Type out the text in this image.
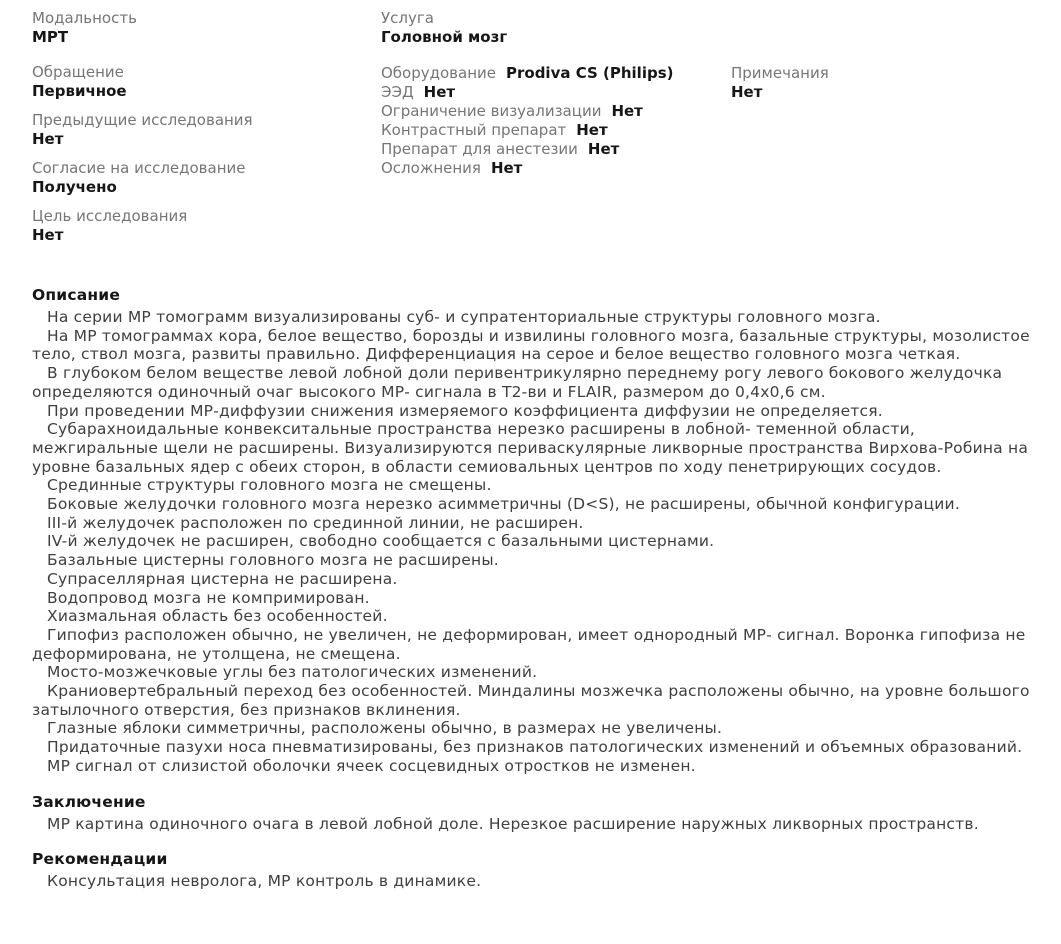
Модальность
МРТ
Обращение
Первичное
Предыдущие исследования
Нет
Согласие на исследование
Получено
Цель исследования
Нет
Услуга
Головной мозг
Оборудование Prodiva CS (Philips)
ЭЭД Нет
Ограничение визуализации Нет
Контрастный препарат Нет
Препарат для анестезии Нет
Осложнения Нет
Примечания
Нет
Описание

На серии МР томограмм визуализированы суб- и супратенториальные структуры головного мозга.

На МР томограммах кора, белое вещество, борозды и извилины головного мозга, базальные структуры, мозолистое тело, ствол мозга, развиты правильно. Дифференциация на серое и белое вещество головного мозга четкая.

В глубоком белом веществе левой лобной доли перивентрикулярно переднему рогу левого бокового желудочка определяются одиночный очаг высокого МР- сигнала в Т2-ви и FLAIR, размером до 0,4х0,6 см.

При проведении МР-диффузии снижения измеряемого коэффициента диффузии не определяется.

Субарахноидальные конвекситальные пространства нерезко расширены в лобной- теменной области, межгиральные щели не расширены. Визуализируются периваскулярные ликворные пространства Вирхова-Робина на уровне базальных ядер с обеих сторон, в области семиовальных центров по ходу пенетрирующих сосудов.

Срединные структуры головного мозга не смещены.

Боковые желудочки головного мозга нерезко асимметричны (D<S), не расширены, обычной конфигурации.

III-й желудочек расположен по срединной линии, не расширен.

IV-й желудочек не расширен, свободно сообщается с базальными цистернами.

Базальные цистерны головного мозга не расширены.

Супраселлярная цистерна не расширена.

Водопровод мозга не компримирован.

Хиазмальная область без особенностей.

Гипофиз расположен обычно, не увеличен, не деформирован, имеет однородный МР- сигнал. Воронка гипофиза не деформирована, не утолщена, не смещена.

Мосто-мозжечковые углы без патологических изменений.

Краниовертебральный переход без особенностей. Миндалины мозжечка расположены обычно, на уровне большого затылочного отверстия, без признаков вклинения.

Глазные яблоки симметричны, расположены обычно, в размерах не увеличены.

Придаточные пазухи носа пневматизированы, без признаков патологических изменений и объемных образований.

МР сигнал от слизистой оболочки ячеек сосцевидных отростков не изменен.

Заключение

МР картина одиночного очага в левой лобной доле. Нерезкое расширение наружных ликворных пространств.

Рекомендации

Консультация невролога, МР контроль в динамике.
